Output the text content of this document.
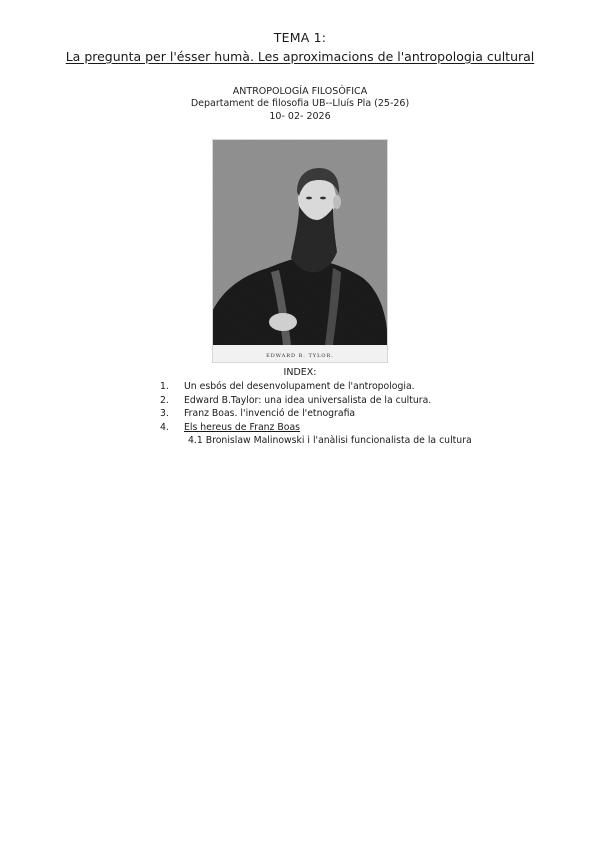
TEMA 1:
La pregunta per l'ésser humà. Les aproximacions de l'antropologia cultural
ANTROPOLOGÍA FILOSÒFICA
Departament de filosofia UB--Lluís Pla (25-26)
10- 02- 2026
EDWARD B. TYLOR.
INDEX:
1.	Un esbós del desenvolupament de l'antropologia.
2.	Edward B.Taylor: una idea universalista de la cultura.
3.	Franz Boas. l'invenció de l'etnografia
4.	Els hereus de Franz Boas
4.1 Bronislaw Malinowski i l'anàlisi funcionalista de la cultura
